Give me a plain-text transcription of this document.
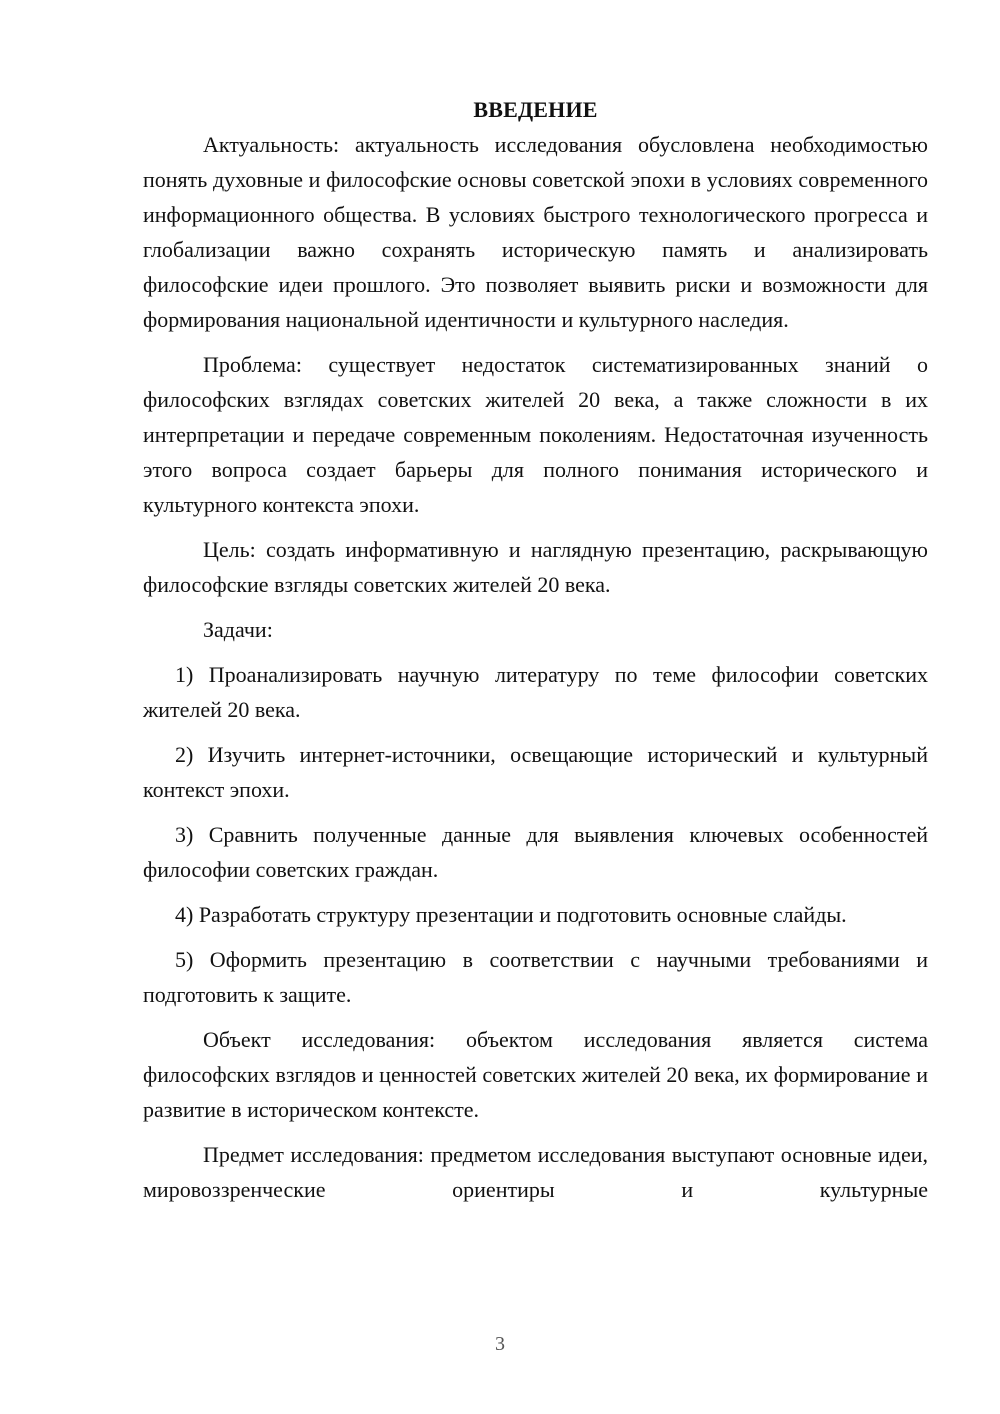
ВВЕДЕНИЕ

Актуальность: актуальность исследования обусловлена необходимостью понять духовные и философские основы советской эпохи в условиях современного информационного общества. В условиях быстрого технологического прогресса и глобализации важно сохранять историческую память и анализировать философские идеи прошлого. Это позволяет выявить риски и возможности для формирования национальной идентичности и культурного наследия.

Проблема: существует недостаток систематизированных знаний о философских взглядах советских жителей 20 века, а также сложности в их интерпретации и передаче современным поколениям. Недостаточная изученность этого вопроса создает барьеры для полного понимания исторического и культурного контекста эпохи.

Цель: создать информативную и наглядную презентацию, раскрывающую философские взгляды советских жителей 20 века.

Задачи:

1) Проанализировать научную литературу по теме философии советских жителей 20 века.

2) Изучить интернет-источники, освещающие исторический и культурный контекст эпохи.

3) Сравнить полученные данные для выявления ключевых особенностей философии советских граждан.

4) Разработать структуру презентации и подготовить основные слайды.

5) Оформить презентацию в соответствии с научными требованиями и подготовить к защите.

Объект исследования: объектом исследования является система философских взглядов и ценностей советских жителей 20 века, их формирование и развитие в историческом контексте.

Предмет исследования: предметом исследования выступают основные идеи, мировоззренческие ориентиры и культурные

3
